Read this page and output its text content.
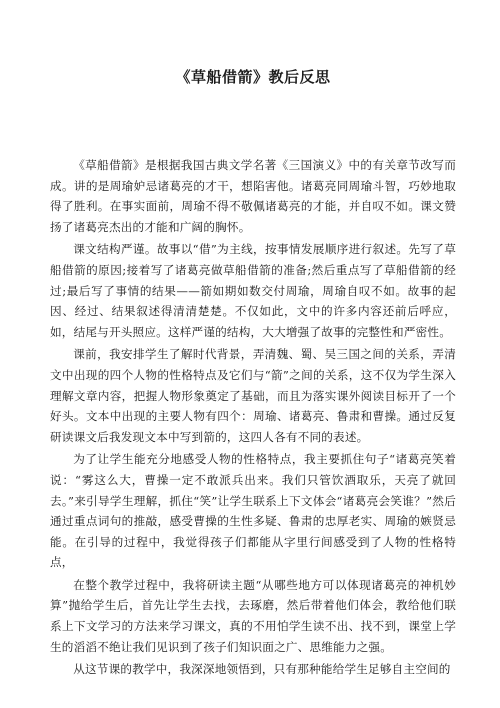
《草船借箭》教后反思

《草船借箭》是根据我国古典文学名著《三国演义》中的有关章节改写而成。讲的是周瑜妒忌诸葛亮的才干，想陷害他。诸葛亮同周瑜斗智，巧妙地取得了胜利。在事实面前，周瑜不得不敬佩诸葛亮的才能，并自叹不如。课文赞扬了诸葛亮杰出的才能和广阔的胸怀。

课文结构严谨。故事以“借”为主线，按事情发展顺序进行叙述。先写了草船借箭的原因;接着写了诸葛亮做草船借箭的准备;然后重点写了草船借箭的经过;最后写了事情的结果——箭如期如数交付周瑜，周瑜自叹不如。故事的起因、经过、结果叙述得清清楚楚。不仅如此，文中的许多内容还前后呼应，如，结尾与开头照应。这样严谨的结构，大大增强了故事的完整性和严密性。

课前，我安排学生了解时代背景，弄清魏、蜀、吴三国之间的关系，弄清文中出现的四个人物的性格特点及它们与“箭”之间的关系，这不仅为学生深入理解文章内容，把握人物形象奠定了基础，而且为落实课外阅读目标开了一个好头。文本中出现的主要人物有四个：周瑜、诸葛亮、鲁肃和曹操。通过反复研读课文后我发现文本中写到箭的，这四人各有不同的表述。

为了让学生能充分地感受人物的性格特点，我主要抓住句子“诸葛亮笑着说：“雾这么大，曹操一定不敢派兵出来。我们只管饮酒取乐，天亮了就回去。”来引导学生理解，抓住“笑”让学生联系上下文体会“诸葛亮会笑谁？”然后通过重点词句的推敲，感受曹操的生性多疑、鲁肃的忠厚老实、周瑜的嫉贤忌能。在引导的过程中，我觉得孩子们都能从字里行间感受到了人物的性格特点，

在整个教学过程中，我将研读主题“从哪些地方可以体现诸葛亮的神机妙算”抛给学生后，首先让学生去找，去琢磨，然后带着他们体会，教给他们联系上下文学习的方法来学习课文，真的不用怕学生读不出、找不到，课堂上学生的滔滔不绝让我们见识到了孩子们知识面之广、思维能力之强。

从这节课的教学中，我深深地领悟到，只有那种能给学生足够自主空间的
